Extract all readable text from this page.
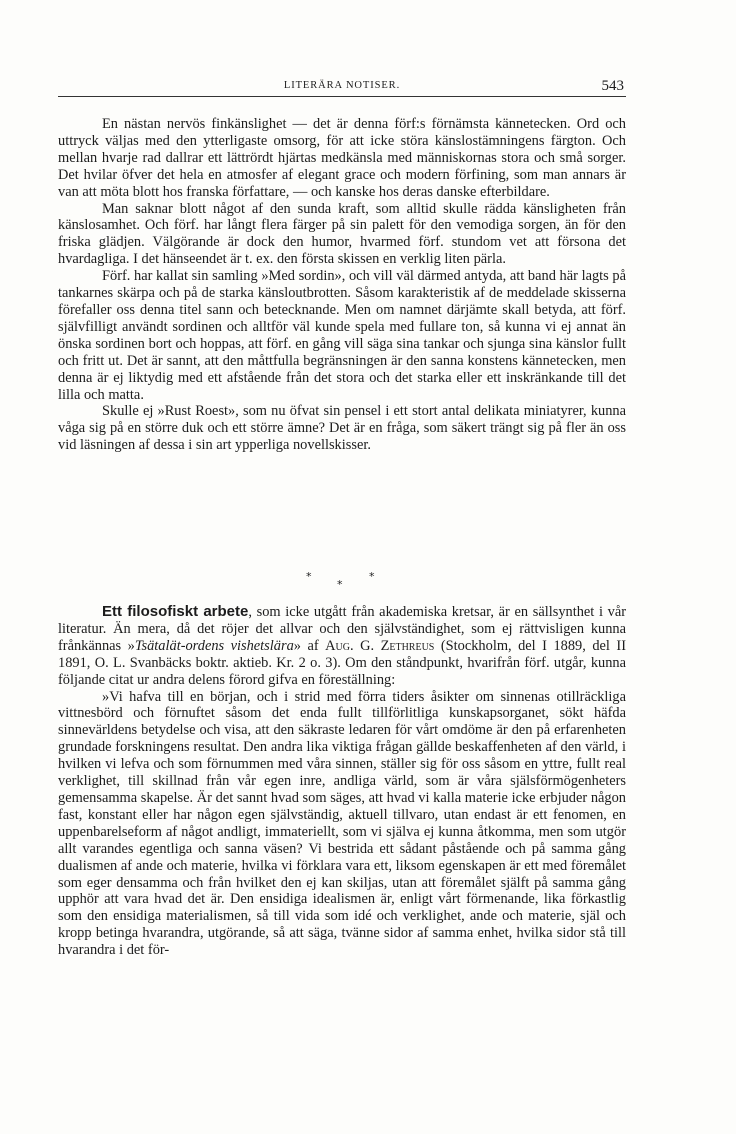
LITERÄRA NOTISER.	543

En nästan nervös finkänslighet — det är denna förf:s förnämsta kännetecken. Ord och uttryck väljas med den ytterligaste omsorg, för att icke störa känslostämningens färgton. Och mellan hvarje rad dallrar ett lättrördt hjärtas medkänsla med människornas stora och små sorger. Det hvilar öfver det hela en atmosfer af elegant grace och modern förfining, som man annars är van att möta blott hos franska författare, — och kanske hos deras danske efterbildare.

Man saknar blott något af den sunda kraft, som alltid skulle rädda känsligheten från känslosamhet. Och förf. har långt flera färger på sin palett för den vemodiga sorgen, än för den friska glädjen. Välgörande är dock den humor, hvarmed förf. stundom vet att försona det hvardagliga. I det hänseendet är t. ex. den första skissen en verklig liten pärla.

Förf. har kallat sin samling »Med sordin», och vill väl därmed antyda, att band här lagts på tankarnes skärpa och på de starka känsloutbrotten. Såsom karakteristik af de meddelade skisserna förefaller oss denna titel sann och betecknande. Men om namnet därjämte skall betyda, att förf. självfilligt användt sordinen och alltför väl kunde spela med fullare ton, så kunna vi ej annat än önska sordinen bort och hoppas, att förf. en gång vill säga sina tankar och sjunga sina känslor fullt och fritt ut. Det är sannt, att den måttfulla begränsningen är den sanna konstens kännetecken, men denna är ej liktydig med ett afstående från det stora och det starka eller ett inskränkande till det lilla och matta.

Skulle ej »Rust Roest», som nu öfvat sin pensel i ett stort antal delikata miniatyrer, kunna våga sig på en större duk och ett större ämne? Det är en fråga, som säkert trängt sig på fler än oss vid läsningen af dessa i sin art ypperliga novellskisser.

*
*
*

Ett filosofiskt arbete, som icke utgått från akademiska kretsar, är en sällsynthet i vår literatur. Än mera, då det röjer det allvar och den självständighet, som ej rättvisligen kunna frånkännas »Tsätalät-ordens vishetslära» af Aug. G. Zethreus (Stockholm, del I 1889, del II 1891, O. L. Svanbäcks boktr. aktieb. Kr. 2 o. 3). Om den ståndpunkt, hvarifrån förf. utgår, kunna följande citat ur andra delens förord gifva en föreställning:

»Vi hafva till en början, och i strid med förra tiders åsikter om sinnenas otillräckliga vittnesbörd och förnuftet såsom det enda fullt tillförlitliga kunskapsorganet, sökt häfda sinnevärldens betydelse och visa, att den säkraste ledaren för vårt omdöme är den på erfarenheten grundade forskningens resultat. Den andra lika viktiga frågan gällde beskaffenheten af den värld, i hvilken vi lefva och som förnummen med våra sinnen, ställer sig för oss såsom en yttre, fullt real verklighet, till skillnad från vår egen inre, andliga värld, som är våra själsförmögenheters gemensamma skapelse. Är det sannt hvad som säges, att hvad vi kalla materie icke erbjuder någon fast, konstant eller har någon egen självständig, aktuell tillvaro, utan endast är ett fenomen, en uppenbarelseform af något andligt, immateriellt, som vi själva ej kunna åtkomma, men som utgör allt varandes egentliga och sanna väsen? Vi bestrida ett sådant påstående och på samma gång dualismen af ande och materie, hvilka vi förklara vara ett, liksom egenskapen är ett med föremålet som eger densamma och från hvilket den ej kan skiljas, utan att föremålet själft på samma gång upphör att vara hvad det är. Den ensidiga idealismen är, enligt vårt förmenande, lika förkastlig som den ensidiga materialismen, så till vida som idé och verklighet, ande och materie, själ och kropp betinga hvarandra, utgörande, så att säga, tvänne sidor af samma enhet, hvilka sidor stå till hvarandra i det för-
